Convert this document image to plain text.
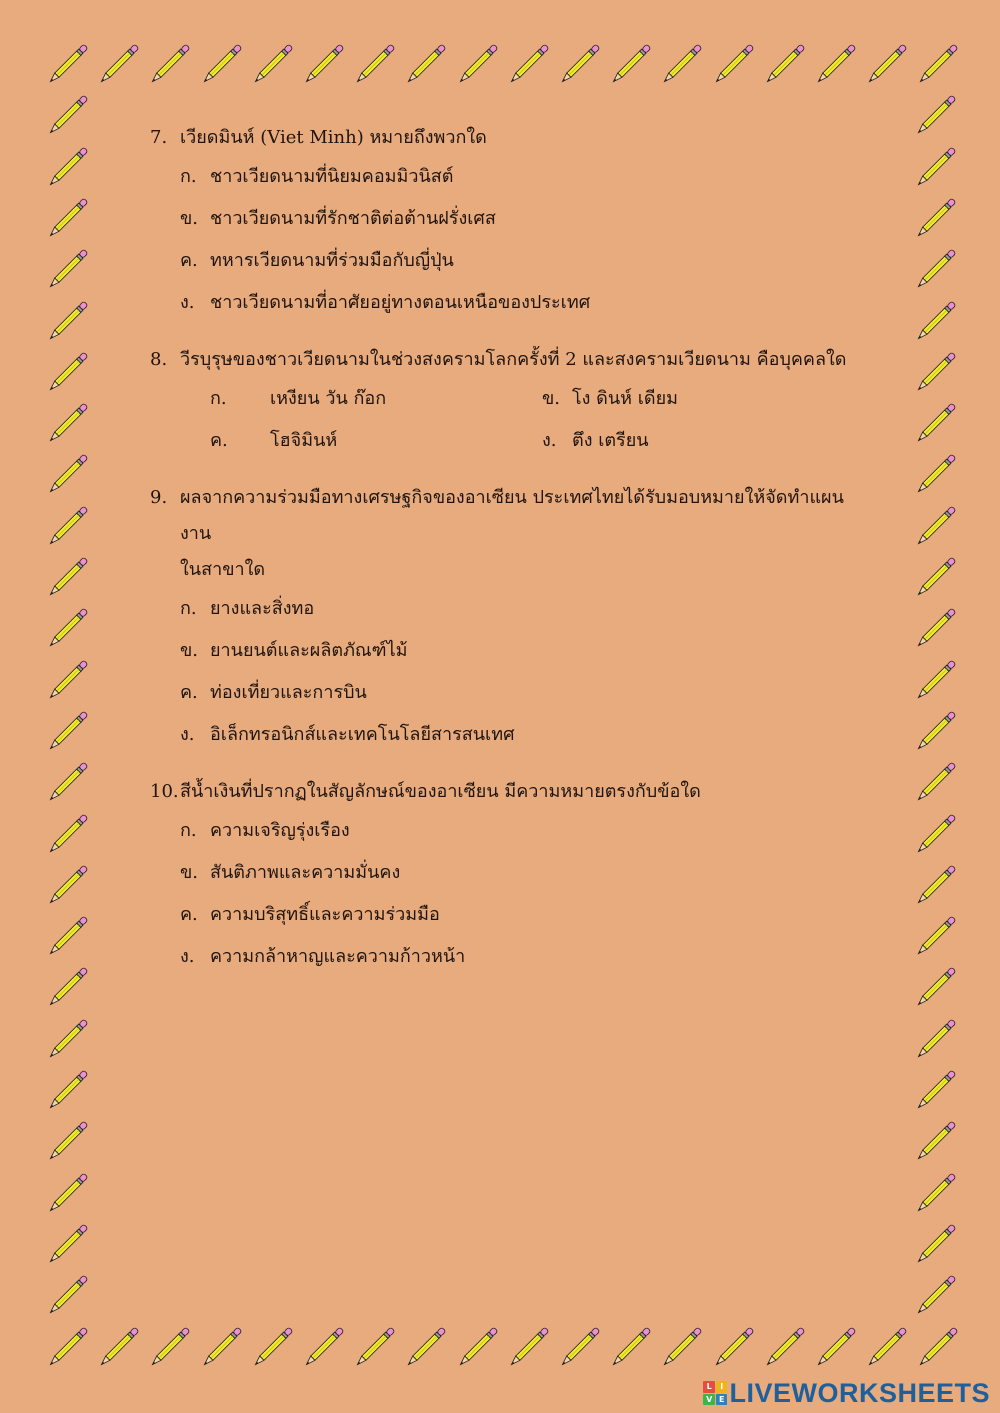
7. เวียดมินห์ (Viet Minh) หมายถึงพวกใด
ก. ชาวเวียดนามที่นิยมคอมมิวนิสต์
ข. ชาวเวียดนามที่รักชาติต่อต้านฝรั่งเศส
ค. ทหารเวียดนามที่ร่วมมือกับญี่ปุ่น
ง. ชาวเวียดนามที่อาศัยอยู่ทางตอนเหนือของประเทศ
8. วีรบุรุษของชาวเวียดนามในช่วงสงครามโลกครั้งที่ 2 และสงครามเวียดนาม คือบุคคลใด
ก.	เหงียน วัน ก๊อก	ข. โง ดินห์ เดียม
ค.	โฮจิมินห์	ง. ตึง เตรียน
9. ผลจากความร่วมมือทางเศรษฐกิจของอาเซียน ประเทศไทยได้รับมอบหมายให้จัดทำแผนงาน
ในสาขาใด
ก. ยางและสิ่งทอ
ข. ยานยนต์และผลิตภัณฑ์ไม้
ค. ท่องเที่ยวและการบิน
ง. อิเล็กทรอนิกส์และเทคโนโลยีสารสนเทศ
10. สีน้ำเงินที่ปรากฏในสัญลักษณ์ของอาเซียน มีความหมายตรงกับข้อใด
ก. ความเจริญรุ่งเรือง
ข. สันติภาพและความมั่นคง
ค. ความบริสุทธิ์และความร่วมมือ
ง. ความกล้าหาญและความก้าวหน้า
L	I
V E LIVEWORKSHEETS
